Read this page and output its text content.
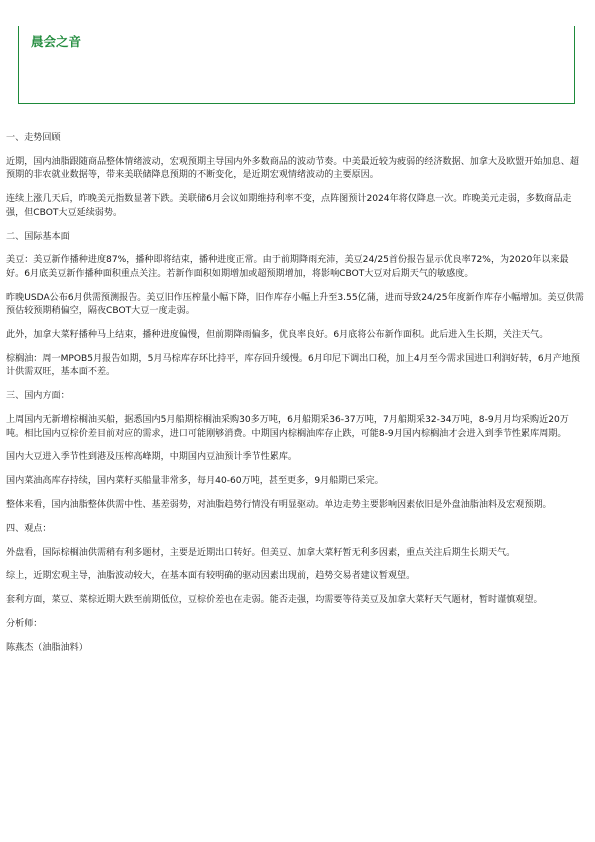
晨会之音

一、走势回顾

近期，国内油脂跟随商品整体情绪波动，宏观预期主导国内外多数商品的波动节奏。中美最近较为疲弱的经济数据、加拿大及欧盟开始加息、超预期的非农就业数据等，带来美联储降息预期的不断变化，是近期宏观情绪波动的主要原因。

连续上涨几天后，昨晚美元指数显著下跌。美联储6月会议如期维持利率不变，点阵图预计2024年将仅降息一次。昨晚美元走弱，多数商品走强，但CBOT大豆延续弱势。

二、国际基本面

美豆：美豆新作播种进度87%，播种即将结束，播种进度正常。由于前期降雨充沛，美豆24/25首份报告显示优良率72%，为2020年以来最好。6月底美豆新作播种面积重点关注。若新作面积如期增加或超预期增加，将影响CBOT大豆对后期天气的敏感度。

昨晚USDA公布6月供需预测报告。美豆旧作压榨量小幅下降，旧作库存小幅上升至3.55亿蒲，进而导致24/25年度新作库存小幅增加。美豆供需预估较预期稍偏空，隔夜CBOT大豆一度走弱。

此外，加拿大菜籽播种马上结束，播种进度偏慢，但前期降雨偏多，优良率良好。6月底将公布新作面积。此后进入生长期，关注天气。

棕榈油：周一MPOB5月报告如期，5月马棕库存环比持平，库存回升缓慢。6月印尼下调出口税，加上4月至今需求国进口利润好转，6月产地预计供需双旺，基本面不差。

三、国内方面：

上周国内无新增棕榈油买船，据悉国内5月船期棕榈油采购30多万吨，6月船期采36-37万吨，7月船期采32-34万吨，8-9月月均采购近20万吨。相比国内豆棕价差目前对应的需求，进口可能刚够消费。中期国内棕榈油库存止跌，可能8-9月国内棕榈油才会进入到季节性累库周期。

国内大豆进入季节性到港及压榨高峰期，中期国内豆油预计季节性累库。

国内菜油高库存持续，国内菜籽买船量非常多，每月40-60万吨，甚至更多，9月船期已采完。

整体来看，国内油脂整体供需中性、基差弱势，对油脂趋势行情没有明显驱动。单边走势主要影响因素依旧是外盘油脂油料及宏观预期。

四、观点：

外盘看，国际棕榈油供需稍有利多题材，主要是近期出口转好。但美豆、加拿大菜籽暂无利多因素，重点关注后期生长期天气。

综上，近期宏观主导，油脂波动较大，在基本面有较明确的驱动因素出现前，趋势交易者建议暂观望。

套利方面，菜豆、菜棕近期大跌至前期低位，豆棕价差也在走弱。能否走强，均需要等待美豆及加拿大菜籽天气题材，暂时谨慎观望。

分析师：

陈燕杰（油脂油料）
